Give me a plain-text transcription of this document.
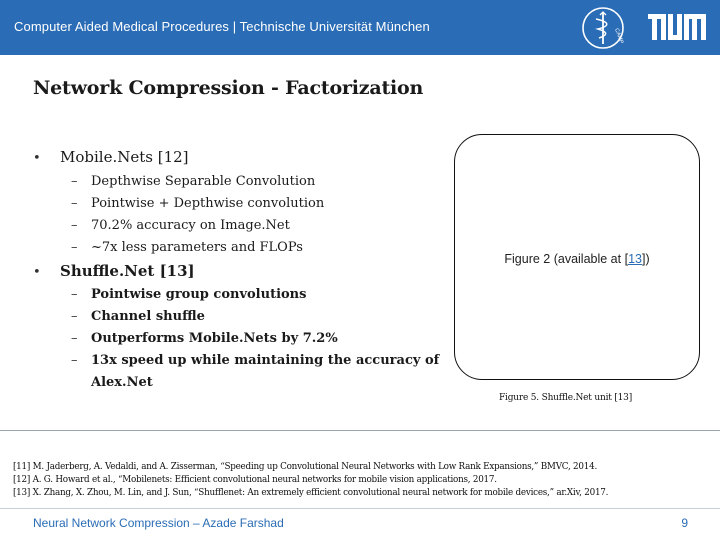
Computer Aided Medical Procedures | Technische Universität München
CAMP
Network Compression - Factorization
• Mobile.Nets [12]
– Depthwise Separable Convolution
– Pointwise + Depthwise convolution
– 70.2% accuracy on Image.Net
– ~7x less parameters and FLOPs
• Shuffle.Net [13]
– Pointwise group convolutions
– Channel shuffle
– Outperforms Mobile.Nets by 7.2%
– 13x speed up while maintaining the accuracy of
Alex.Net
Figure 2 (available at [13])
Figure 5. Shuffle.Net unit [13]
[11] M. Jaderberg, A. Vedaldi, and A. Zisserman, “Speeding up Convolutional Neural Networks with Low Rank Expansions,” BMVC, 2014.
[12] A. G. Howard et al., “Mobilenets: Efficient convolutional neural networks for mobile vision applications, 2017.
[13] X. Zhang, X. Zhou, M. Lin, and J. Sun, “Shufflenet: An extremely efficient convolutional neural network for mobile devices,” ar.Xiv, 2017.
Neural Network Compression – Azade Farshad	9
